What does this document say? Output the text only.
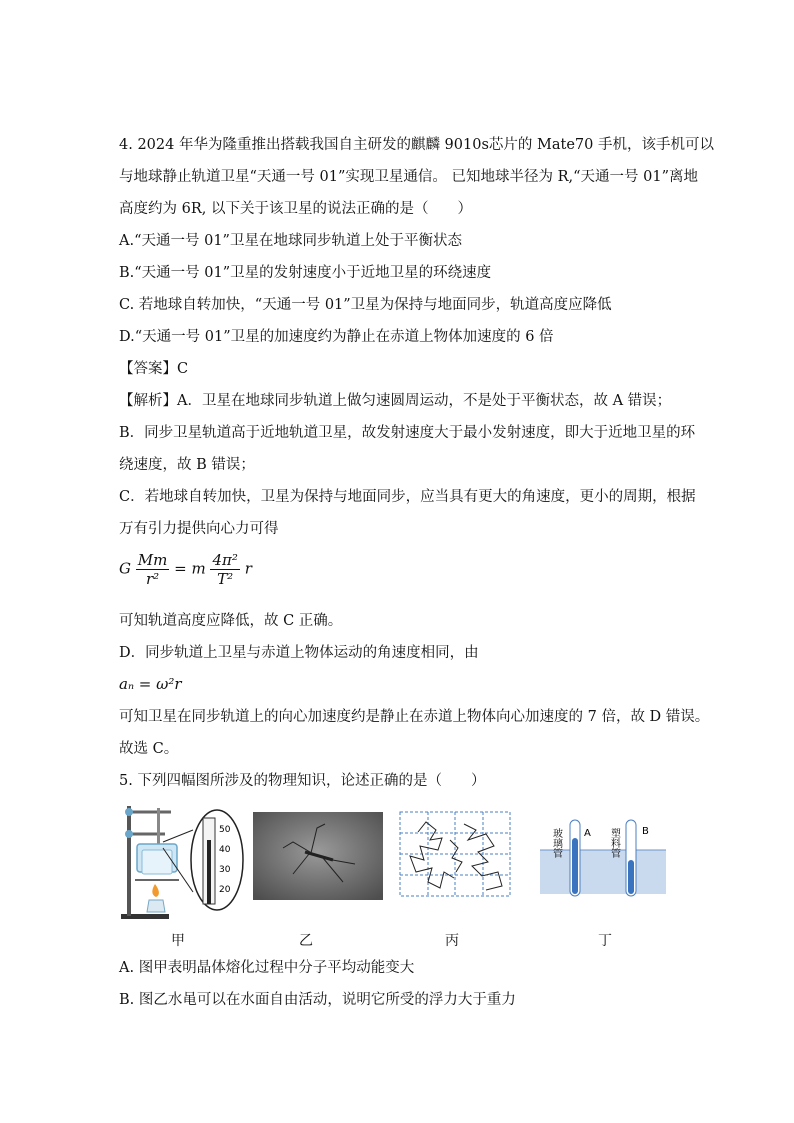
4. 2024 年华为隆重推出搭载我国自主研发的麒麟 9010s芯片的 Mate70 手机，该手机可以
与地球静止轨道卫星“天通一号 01”实现卫星通信。 已知地球半径为 R,“天通一号 01”离地
高度约为 6R, 以下关于该卫星的说法正确的是（　　）
A.“天通一号 01”卫星在地球同步轨道上处于平衡状态
B.“天通一号 01”卫星的发射速度小于近地卫星的环绕速度
C. 若地球自转加快，“天通一号 01”卫星为保持与地面同步，轨道高度应降低
D.“天通一号 01”卫星的加速度约为静止在赤道上物体加速度的 6 倍
【答案】C
【解析】A．卫星在地球同步轨道上做匀速圆周运动，不是处于平衡状态，故 A 错误；
B．同步卫星轨道高于近地轨道卫星，故发射速度大于最小发射速度，即大于近地卫星的环
绕速度，故 B 错误；
C．若地球自转加快，卫星为保持与地面同步，应当具有更大的角速度，更小的周期，根据
万有引力提供向心力可得
G $\frac{Mm}{\text{r²}} = m \frac{\text{4π²}}{\text{T²}}$ r
可知轨道高度应降低，故 C 正确。
D．同步轨道上卫星与赤道上物体运动的角速度相同，由
aₙ = ω²r
可知卫星在同步轨道上的向心加速度约是静止在赤道上物体向心加速度的 7 倍，故 D 错误。
故选 C。
5. 下列四幅图所涉及的物理知识，论述正确的是（　　）
50
40
30
20
A	B
玻璃管	塑料管
甲	乙	丙	丁
A. 图甲表明晶体熔化过程中分子平均动能变大
B. 图乙水黾可以在水面自由活动，说明它所受的浮力大于重力
